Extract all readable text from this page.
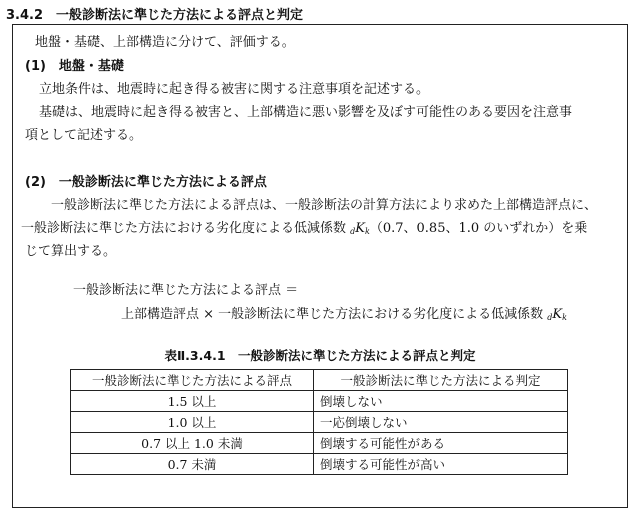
3.4.2　一般診断法に準じた方法による評点と判定
地盤・基礎、上部構造に分けて、評価する。
(1)　地盤・基礎
立地条件は、地震時に起き得る被害に関する注意事項を記述する。
基礎は、地震時に起き得る被害と、上部構造に悪い影響を及ぼす可能性のある要因を注意事
項として記述する。
(2)　一般診断法に準じた方法による評点
一般診断法に準じた方法による評点は、一般診断法の計算方法により求めた上部構造評点に、
一般診断法に準じた方法における劣化度による低減係数 $_dK_k(0.7$、0.85、1.0 のいずれか）を乗
じて算出する。
一般診断法に準じた方法による評点 ＝
上部構造評点 × 一般診断法に準じた方法における劣化度による低減係数 $_dK_k$
表Ⅱ.3.4.1　一般診断法に準じた方法による評点と判定
一般診断法に準じた方法による評点	一般診断法に準じた方法による判定
1.5 以上	倒壊しない
1.0 以上	一応倒壊しない
0.7 以上 1.0 未満	倒壊する可能性がある
0.7 未満	倒壊する可能性が高い
